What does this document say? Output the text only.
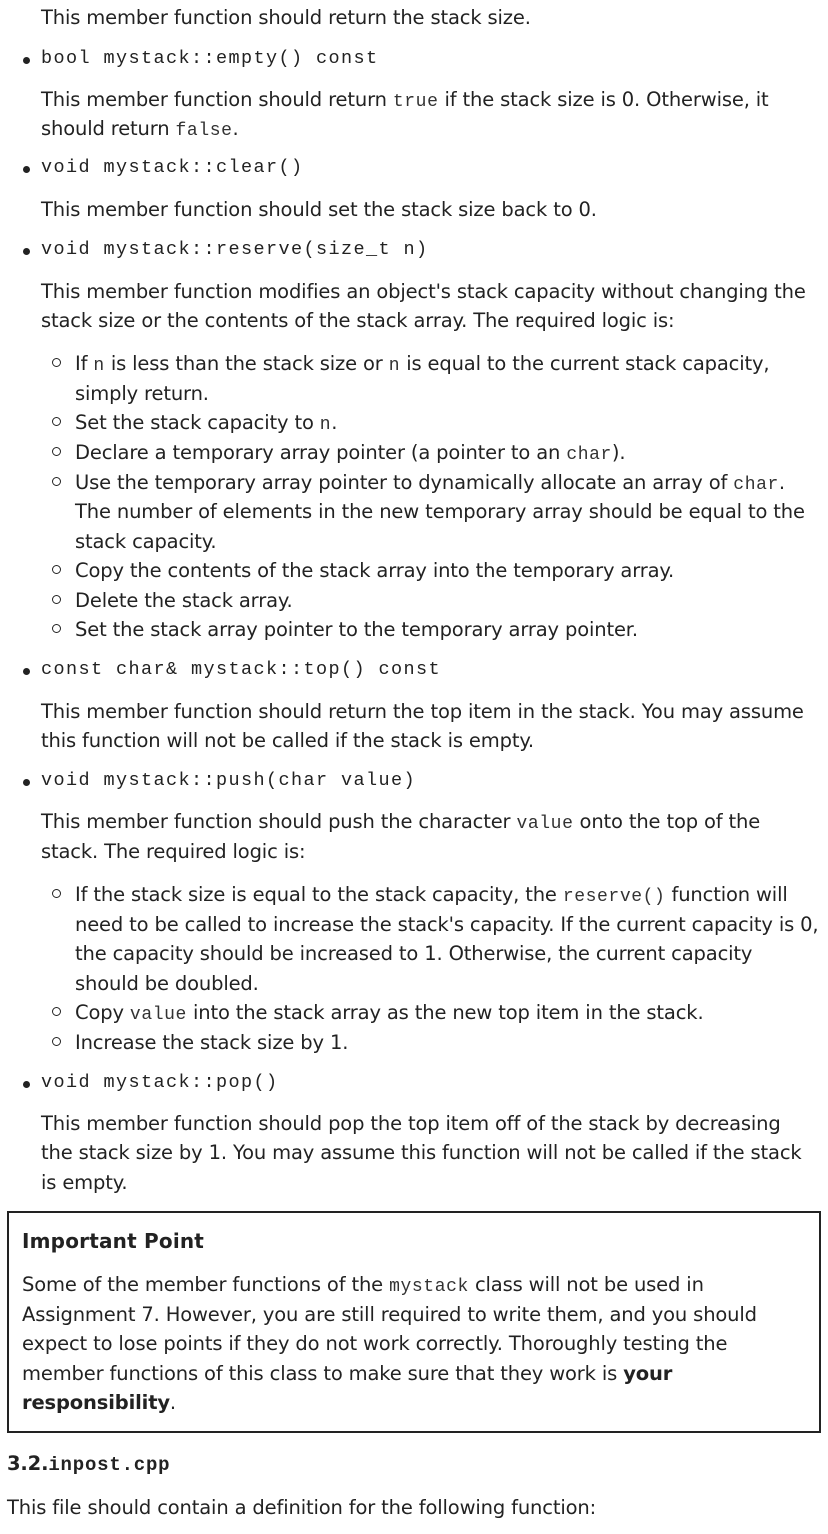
This member function should return the stack size.
bool mystack::empty() const
This member function should return true if the stack size is 0. Otherwise, it
should return false.
void mystack::clear()
This member function should set the stack size back to 0.
void mystack::reserve(size_t n)
This member function modifies an object's stack capacity without changing the
stack size or the contents of the stack array. The required logic is:
If n is less than the stack size or n is equal to the current stack capacity,
simply return.
Set the stack capacity to n.
Declare a temporary array pointer (a pointer to an char).
Use the temporary array pointer to dynamically allocate an array of char.
The number of elements in the new temporary array should be equal to the
stack capacity.
Copy the contents of the stack array into the temporary array.
Delete the stack array.
Set the stack array pointer to the temporary array pointer.
const char& mystack::top() const
This member function should return the top item in the stack. You may assume
this function will not be called if the stack is empty.
void mystack::push(char value)
This member function should push the character value onto the top of the
stack. The required logic is:
If the stack size is equal to the stack capacity, the reserve() function will
need to be called to increase the stack's capacity. If the current capacity is 0,
the capacity should be increased to 1. Otherwise, the current capacity
should be doubled.
Copy value into the stack array as the new top item in the stack.
Increase the stack size by 1.
void mystack::pop()
This member function should pop the top item off of the stack by decreasing
the stack size by 1. You may assume this function will not be called if the stack
is empty.
Important Point
Some of the member functions of the mystack class will not be used in
Assignment 7. However, you are still required to write them, and you should
expect to lose points if they do not work correctly. Thoroughly testing the
member functions of this class to make sure that they work is your
responsibility.
3.2.inpost.cpp
This file should contain a definition for the following function:
